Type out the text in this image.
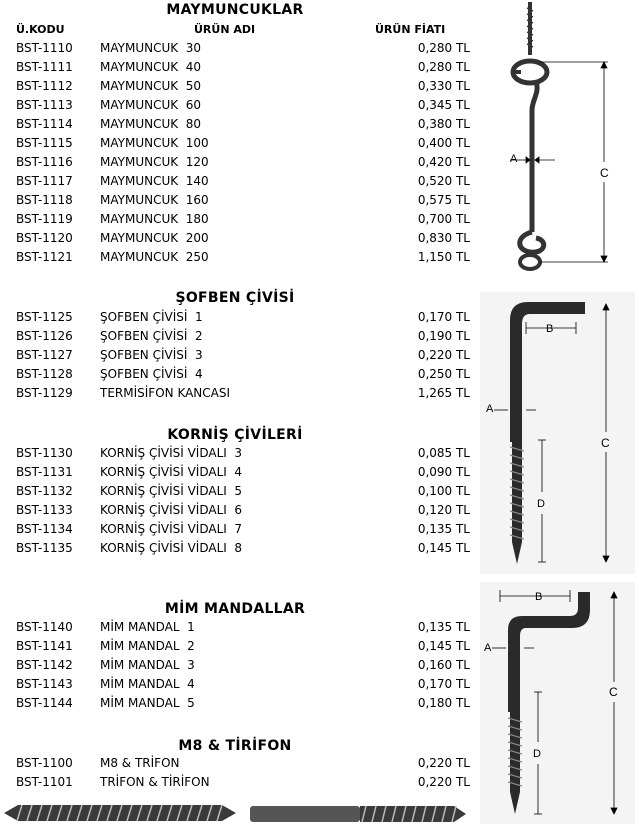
MAYMUNCUKLAR
Ü.KODU	ÜRÜN ADI	ÜRÜN FİATI
BST-1110 MAYMUNCUK  30	0,280 TL
BST-1111 MAYMUNCUK  40	0,280 TL
BST-1112 MAYMUNCUK  50	0,330 TL
BST-1113 MAYMUNCUK  60	0,345 TL
BST-1114 MAYMUNCUK  80	0,380 TL
BST-1115 MAYMUNCUK  100	0,400 TL
BST-1116 MAYMUNCUK  120	0,420 TL
BST-1117 MAYMUNCUK  140	0,520 TL
BST-1118 MAYMUNCUK  160	0,575 TL
BST-1119 MAYMUNCUK  180	0,700 TL
BST-1120 MAYMUNCUK  200	0,830 TL
BST-1121 MAYMUNCUK  250	1,150 TL
ŞOFBEN ÇİVİSİ
BST-1125 ŞOFBEN ÇİVİSİ  1	0,170 TL
BST-1126 ŞOFBEN ÇİVİSİ  2	0,190 TL
BST-1127 ŞOFBEN ÇİVİSİ  3	0,220 TL
BST-1128 ŞOFBEN ÇİVİSİ  4	0,250 TL
BST-1129 TERMİSİFON KANCASI	1,265 TL
KORNİŞ ÇİVİLERİ
BST-1130 KORNİŞ ÇİVİSİ VİDALI  3	0,085 TL
BST-1131 KORNİŞ ÇİVİSİ VİDALI  4	0,090 TL
BST-1132 KORNİŞ ÇİVİSİ VİDALI  5	0,100 TL
BST-1133 KORNİŞ ÇİVİSİ VİDALI  6	0,120 TL
BST-1134 KORNİŞ ÇİVİSİ VİDALI  7	0,135 TL
BST-1135 KORNİŞ ÇİVİSİ VİDALI  8	0,145 TL
MİM MANDALLAR
BST-1140 MİM MANDAL  1	0,135 TL
BST-1141 MİM MANDAL  2	0,145 TL
BST-1142 MİM MANDAL  3	0,160 TL
BST-1143 MİM MANDAL  4	0,170 TL
BST-1144 MİM MANDAL  5	0,180 TL
M8 & TİRİFON
BST-1100 M8 & TRİFON	0,220 TL
BST-1101 TRİFON & TİRİFON	0,220 TL
A
C
B
C
D
A
B
C
D
A
